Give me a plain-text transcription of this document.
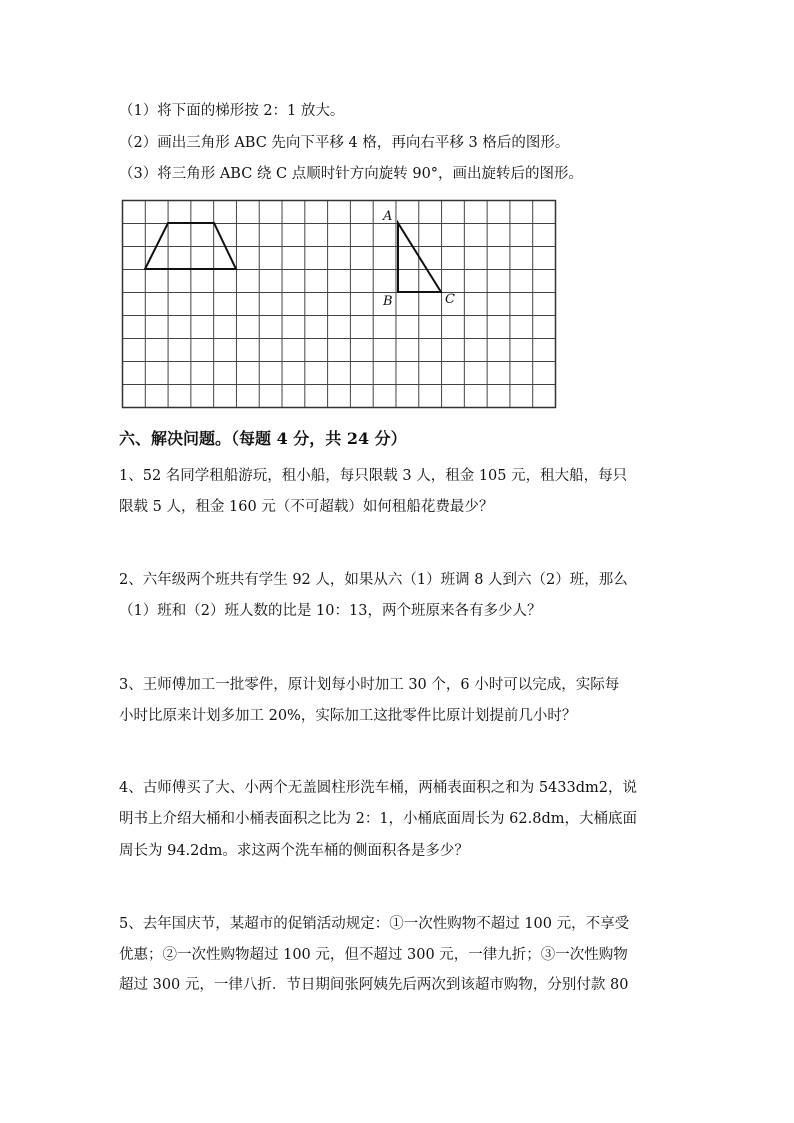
（1）将下面的梯形按 2：1 放大。
（2）画出三角形 ABC 先向下平移 4 格，再向右平移 3 格后的图形。
（3）将三角形 ABC 绕 C 点顺时针方向旋转 90°，画出旋转后的图形。
A
B	C
六、解决问题。（每题 4 分，共 24 分）
1、52 名同学租船游玩，租小船，每只限载 3 人，租金 105 元，租大船，每只
限载 5 人，租金 160 元（不可超载）如何租船花费最少？
2、六年级两个班共有学生 92 人，如果从六（1）班调 8 人到六（2）班，那么
（1）班和（2）班人数的比是 10：13，两个班原来各有多少人？
3、王师傅加工一批零件，原计划每小时加工 30 个，6 小时可以完成，实际每
小时比原来计划多加工 20%，实际加工这批零件比原计划提前几小时？
4、古师傅买了大、小两个无盖圆柱形洗车桶，两桶表面积之和为 5433dm2，说
明书上介绍大桶和小桶表面积之比为 2：1，小桶底面周长为 62.8dm，大桶底面
周长为 94.2dm。求这两个洗车桶的侧面积各是多少？
5、去年国庆节，某超市的促销活动规定：①一次性购物不超过 100 元，不享受
优惠；②一次性购物超过 100 元，但不超过 300 元，一律九折；③一次性购物
超过 300 元，一律八折．节日期间张阿姨先后两次到该超市购物，分别付款 80
